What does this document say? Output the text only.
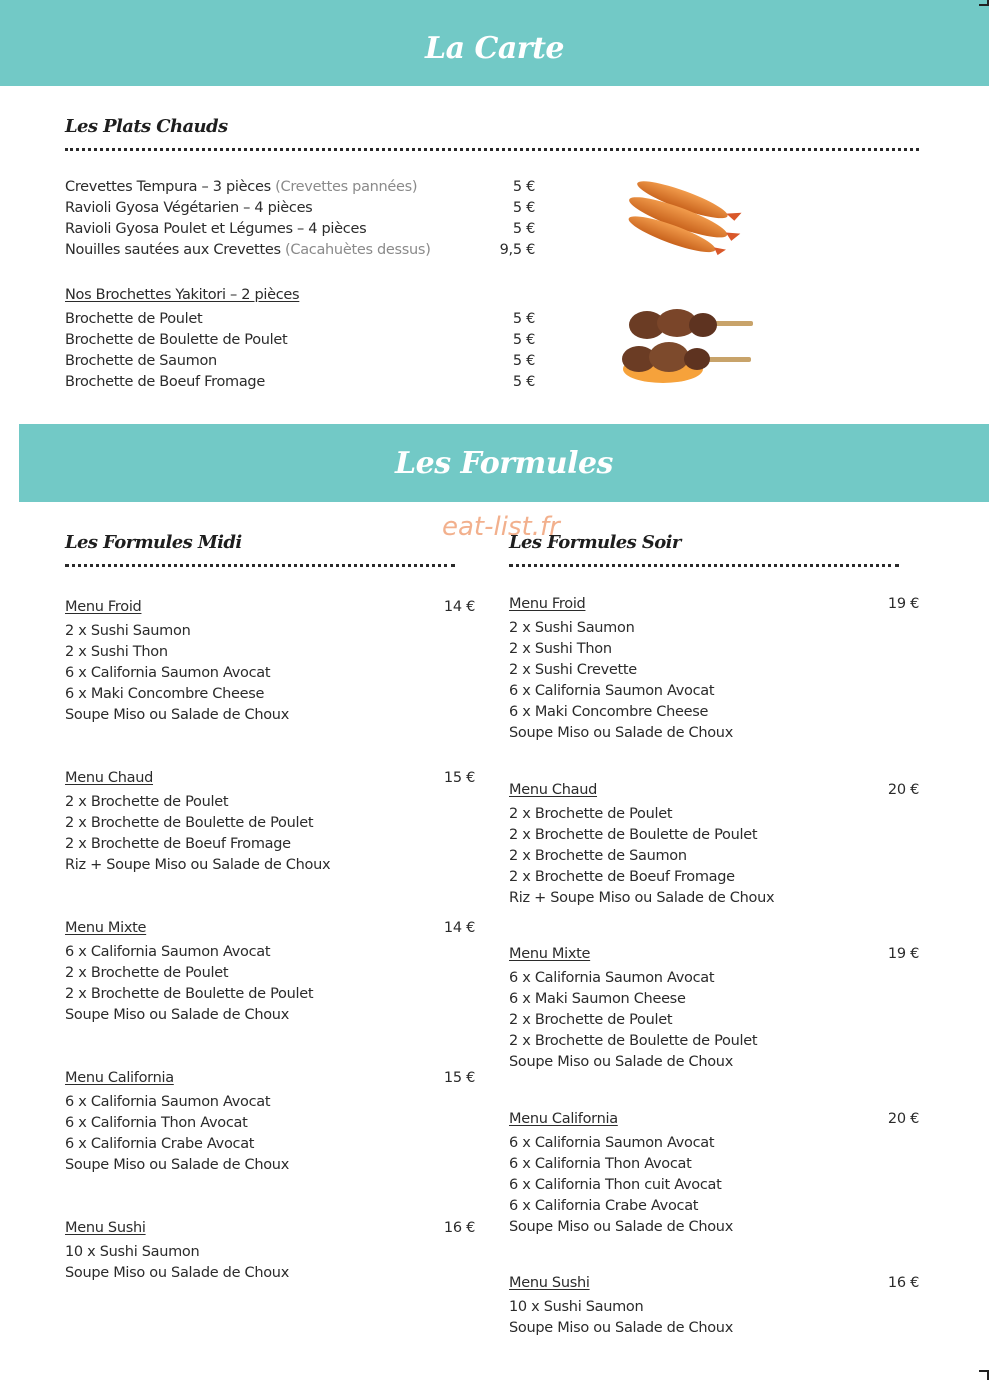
La Carte
Les Plats Chauds
Crevettes Tempura – 3 pièces (Crevettes pannées)	5 €
Ravioli Gyosa Végétarien – 4 pièces	5 €
Ravioli Gyosa Poulet et Légumes – 4 pièces	5 €
Nouilles sautées aux Crevettes (Cacahuètes dessus)	9,5 €
Nos Brochettes Yakitori – 2 pièces
Brochette de Poulet	5 €
Brochette de Boulette de Poulet	5 €
Brochette de Saumon	5 €
Brochette de Boeuf Fromage	5 €
Les Formules
eat-list.fr
Les Formules Midi	Les Formules Soir
Menu Froid	14 €
2 x Sushi Saumon
2 x Sushi Thon
6 x California Saumon Avocat
6 x Maki Concombre Cheese
Soupe Miso ou Salade de Choux
Menu Chaud	15 €
2 x Brochette de Poulet
2 x Brochette de Boulette de Poulet
2 x Brochette de Boeuf Fromage
Riz + Soupe Miso ou Salade de Choux
Menu Mixte	14 €
6 x California Saumon Avocat
2 x Brochette de Poulet
2 x Brochette de Boulette de Poulet
Soupe Miso ou Salade de Choux
Menu California	15 €
6 x California Saumon Avocat
6 x California Thon Avocat
6 x California Crabe Avocat
Soupe Miso ou Salade de Choux
Menu Sushi	16 €
10 x Sushi Saumon
Soupe Miso ou Salade de Choux
Menu Froid	19 €
2 x Sushi Saumon
2 x Sushi Thon
2 x Sushi Crevette
6 x California Saumon Avocat
6 x Maki Concombre Cheese
Soupe Miso ou Salade de Choux
Menu Chaud	20 €
2 x Brochette de Poulet
2 x Brochette de Boulette de Poulet
2 x Brochette de Saumon
2 x Brochette de Boeuf Fromage
Riz + Soupe Miso ou Salade de Choux
Menu Mixte	19 €
6 x California Saumon Avocat
6 x Maki Saumon Cheese
2 x Brochette de Poulet
2 x Brochette de Boulette de Poulet
Soupe Miso ou Salade de Choux
Menu California	20 €
6 x California Saumon Avocat
6 x California Thon Avocat
6 x California Thon cuit Avocat
6 x California Crabe Avocat
Soupe Miso ou Salade de Choux
Menu Sushi	16 €
10 x Sushi Saumon
Soupe Miso ou Salade de Choux
